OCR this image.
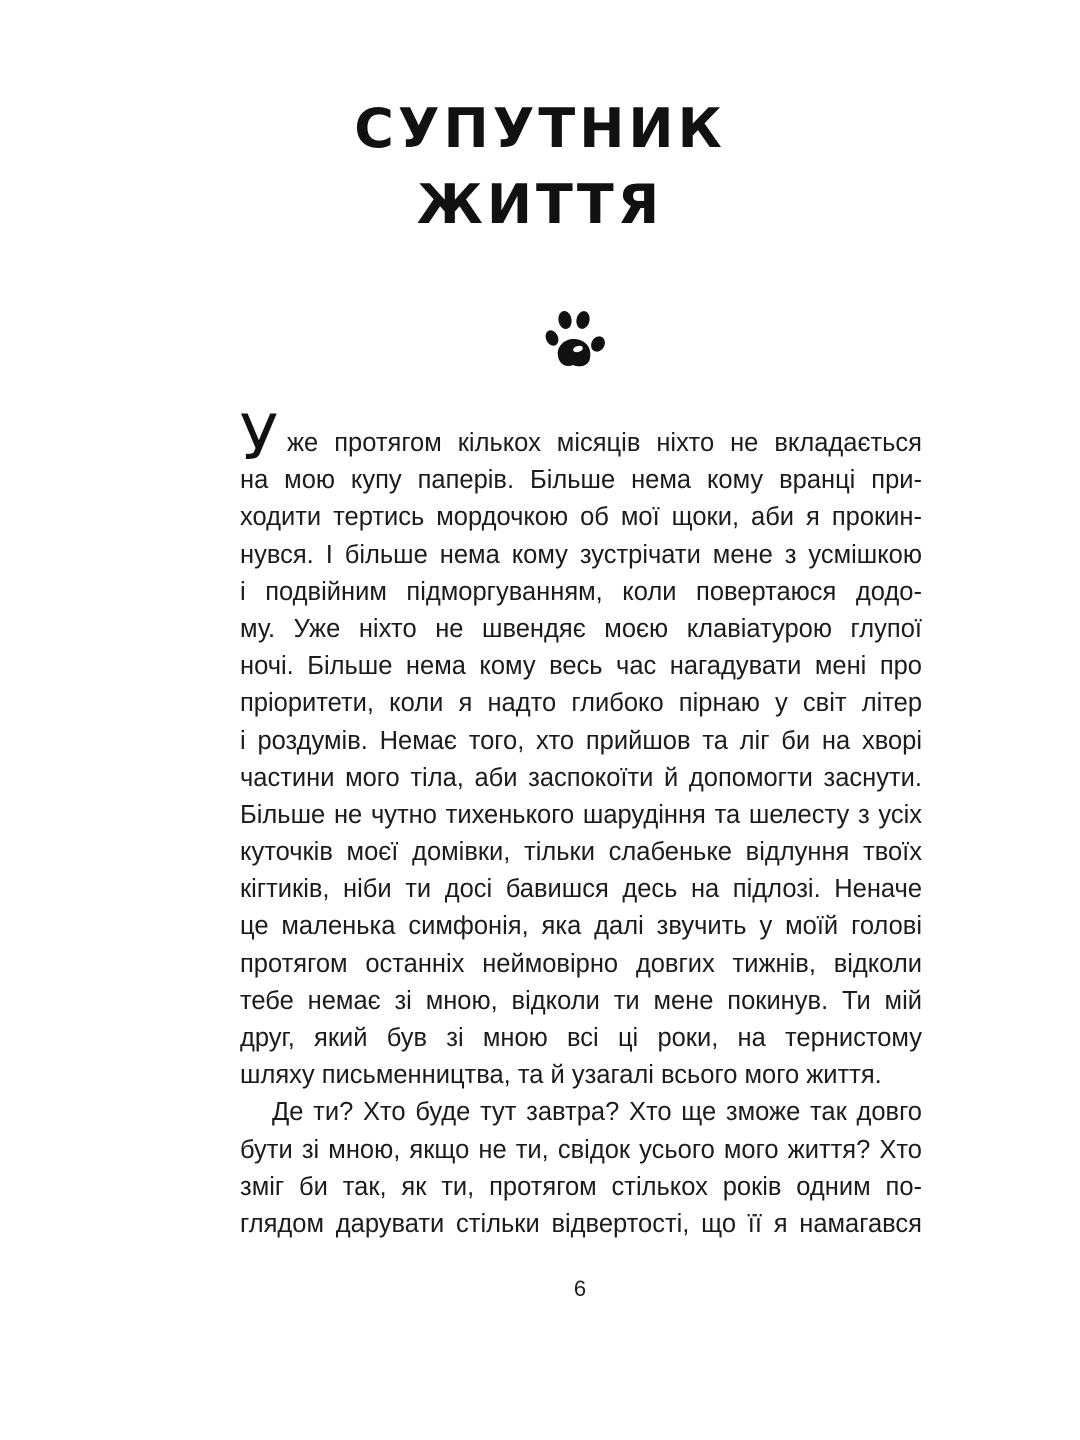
СУПУТНИК
ЖИТТЯ
У же протягом кількох місяців ніхто не вкладається
на мою купу паперів. Більше нема кому вранці при-
ходити тертись мордочкою об мої щоки, аби я прокин-
нувся. І більше нема кому зустрічати мене з усмішкою
і подвійним підморгуванням, коли повертаюся додо-
му. Уже ніхто не швендяє моєю клавіатурою глупої
ночі. Більше нема кому весь час нагадувати мені про
пріоритети, коли я надто глибоко пірнаю у світ літер
і роздумів. Немає того, хто прийшов та ліг би на хворі
частини мого тіла, аби заспокоїти й допомогти заснути.
Більше не чутно тихенького шарудіння та шелесту з усіх
куточків моєї домівки, тільки слабеньке відлуння твоїх
кігтиків, ніби ти досі бавишся десь на підлозі. Неначе
це маленька симфонія, яка далі звучить у моїй голові
протягом останніх неймовірно довгих тижнів, відколи
тебе немає зі мною, відколи ти мене покинув. Ти мій
друг, який був зі мною всі ці роки, на тернистому
шляху письменництва, та й узагалі всього мого життя.
Де ти? Хто буде тут завтра? Хто ще зможе так довго
бути зі мною, якщо не ти, свідок усього мого життя? Хто
зміг би так, як ти, протягом стількох років одним по-
глядом дарувати стільки відвертості, що її я намагався
6
